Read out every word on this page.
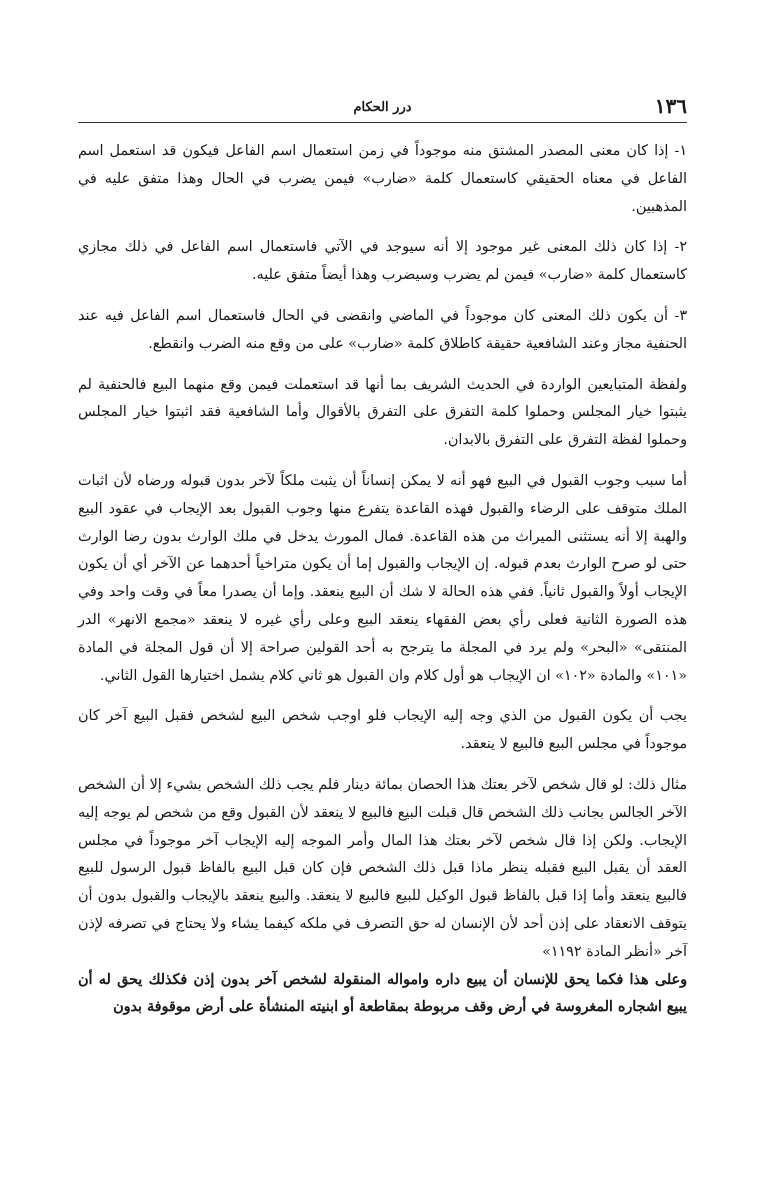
١٣٦
درر الحكام

١- إذا كان معنى المصدر المشتق منه موجوداً في زمن استعمال اسم الفاعل فيكون قد استعمل اسم الفاعل في معناه الحقيقي كاستعمال كلمة «ضارب» فيمن يضرب في الحال وهذا متفق عليه في المذهبين.

٢- إذا كان ذلك المعنى غير موجود إلا أنه سيوجد في الآتي فاستعمال اسم الفاعل في ذلك مجازي كاستعمال كلمة «ضارب» فيمن لم يضرب وسيضرب وهذا أيضاً متفق عليه.

٣- أن يكون ذلك المعنى كان موجوداً في الماضي وانقضى في الحال فاستعمال اسم الفاعل فيه عند الحنفية مجاز وعند الشافعية حقيقة كاطلاق كلمة «ضارب» على من وقع منه الضرب وانقطع.

ولفظة المتبايعين الواردة في الحديث الشريف بما أنها قد استعملت فيمن وقع منهما البيع فالحنفية لم يثبتوا خيار المجلس وحملوا كلمة التفرق على التفرق بالأقوال وأما الشافعية فقد اثبتوا خيار المجلس وحملوا لفظة التفرق على التفرق بالابدان.

أما سبب وجوب القبول في البيع فهو أنه لا يمكن إنساناً أن يثبت ملكاً لآخر بدون قبوله ورضاه لأن اثبات الملك متوقف على الرضاء والقبول فهذه القاعدة يتفرع منها وجوب القبول بعد الإيجاب في عقود البيع والهبة إلا أنه يستثنى الميراث من هذه القاعدة. فمال المورث يدخل في ملك الوارث بدون رضا الوارث حتى لو صرح الوارث بعدم قبوله. إن الإيجاب والقبول إما أن يكون متراخياً أحدهما عن الآخر أي أن يكون الإيجاب أولاً والقبول ثانياً. ففي هذه الحالة لا شك أن البيع ينعقد. وإما أن يصدرا معاً في وقت واحد وفي هذه الصورة الثانية فعلى رأي بعض الفقهاء ينعقد البيع وعلى رأي غيره لا ينعقد «مجمع الانهر» الدر المنتقى» «البحر» ولم يرد في المجلة ما يترجح به أحد القولين صراحة إلا أن قول المجلة في المادة «١٠١» والمادة «١٠٢» ان الإيجاب هو أول كلام وان القبول هو ثاني كلام يشمل اختيارها القول الثاني.

يجب أن يكون القبول من الذي وجه إليه الإيجاب فلو اوجب شخص البيع لشخص فقبل البيع آخر كان موجوداً في مجلس البيع فالبيع لا ينعقد.

مثال ذلك: لو قال شخص لآخر بعتك هذا الحصان بمائة دينار فلم يجب ذلك الشخص بشيء إلا أن الشخص الآخر الجالس بجانب ذلك الشخص قال قبلت البيع فالبيع لا ينعقد لأن القبول وقع من شخص لم يوجه إليه الإيجاب. ولكن إذا قال شخص لآخر بعتك هذا المال وأمر الموجه إليه الإيجاب آخر موجوداً في مجلس العقد أن يقبل البيع فقبله ينظر ماذا قبل ذلك الشخص فإن كان قبل البيع بالفاظ قبول الرسول للبيع فالبيع ينعقد وأما إذا قبل بالفاظ قبول الوكيل للبيع فالبيع لا ينعقد. والبيع ينعقد بالإيجاب والقبول بدون أن يتوقف الانعقاد على إذن أحد لأن الإنسان له حق التصرف في ملكه كيفما يشاء ولا يحتاج في تصرفه لإذن آخر «أنظر المادة ١١٩٢»

وعلى هذا فكما يحق للإنسان أن يبيع داره وامواله المنقولة لشخص آخر بدون إذن فكذلك يحق له أن يبيع اشجاره المغروسة في أرض وقف مربوطة بمقاطعة أو ابنيته المنشأة على أرض موقوفة بدون
